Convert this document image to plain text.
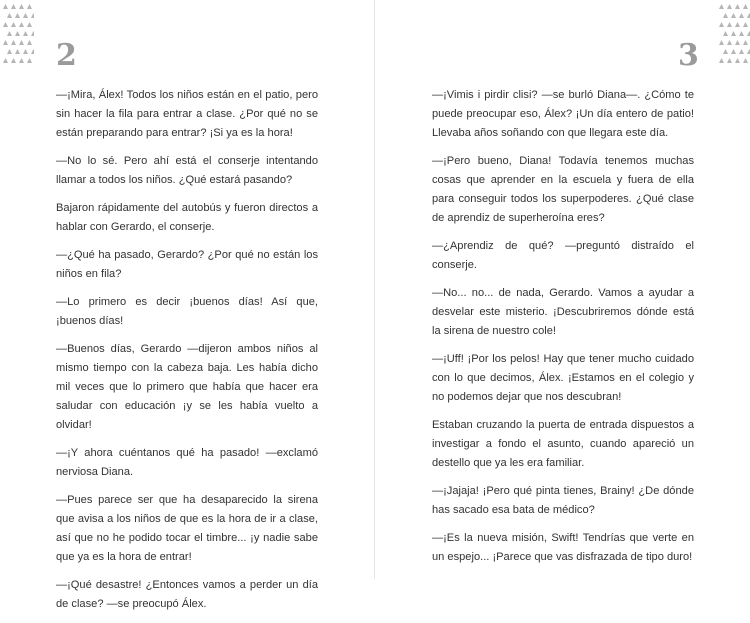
2	3

—¡Mira, Álex! Todos los niños están en el patio, pero sin hacer la fila para entrar a clase. ¿Por qué no se están preparando para entrar? ¡Si ya es la hora!

—No lo sé. Pero ahí está el conserje intentando llamar a todos los niños. ¿Qué estará pasando?

Bajaron rápidamente del autobús y fueron directos a hablar con Gerardo, el conserje.

—¿Qué ha pasado, Gerardo? ¿Por qué no están los niños en fila?

—Lo primero es decir ¡buenos días! Así que, ¡buenos días!

—Buenos días, Gerardo —dijeron ambos niños al mismo tiempo con la cabeza baja. Les había dicho mil veces que lo primero que había que hacer era saludar con educación ¡y se les había vuelto a olvidar!

—¡Y ahora cuéntanos qué ha pasado! —exclamó nerviosa Diana.

—Pues parece ser que ha desaparecido la sirena que avisa a los niños de que es la hora de ir a clase, así que no he podido tocar el timbre... ¡y nadie sabe que ya es la hora de entrar!

—¡Qué desastre! ¿Entonces vamos a perder un día de clase? —se preocupó Álex.

—¡Vimis i pirdir clisi? —se burló Diana—. ¿Cómo te puede preocupar eso, Álex? ¡Un día entero de patio! Llevaba años soñando con que llegara este día.

—¡Pero bueno, Diana! Todavía tenemos muchas cosas que aprender en la escuela y fuera de ella para conseguir todos los superpoderes. ¿Qué clase de aprendiz de superheroína eres?

—¿Aprendiz de qué? —preguntó distraído el conserje.

—No... no... de nada, Gerardo. Vamos a ayudar a desvelar este misterio. ¡Descubriremos dónde está la sirena de nuestro cole!

—¡Uff! ¡Por los pelos! Hay que tener mucho cuidado con lo que decimos, Álex. ¡Estamos en el colegio y no podemos dejar que nos descubran!

Estaban cruzando la puerta de entrada dispuestos a investigar a fondo el asunto, cuando apareció un destello que ya les era familiar.

—¡Jajaja! ¡Pero qué pinta tienes, Brainy! ¿De dónde has sacado esa bata de médico?

—¡Es la nueva misión, Swift! Tendrías que verte en un espejo... ¡Parece que vas disfrazada de tipo duro!
